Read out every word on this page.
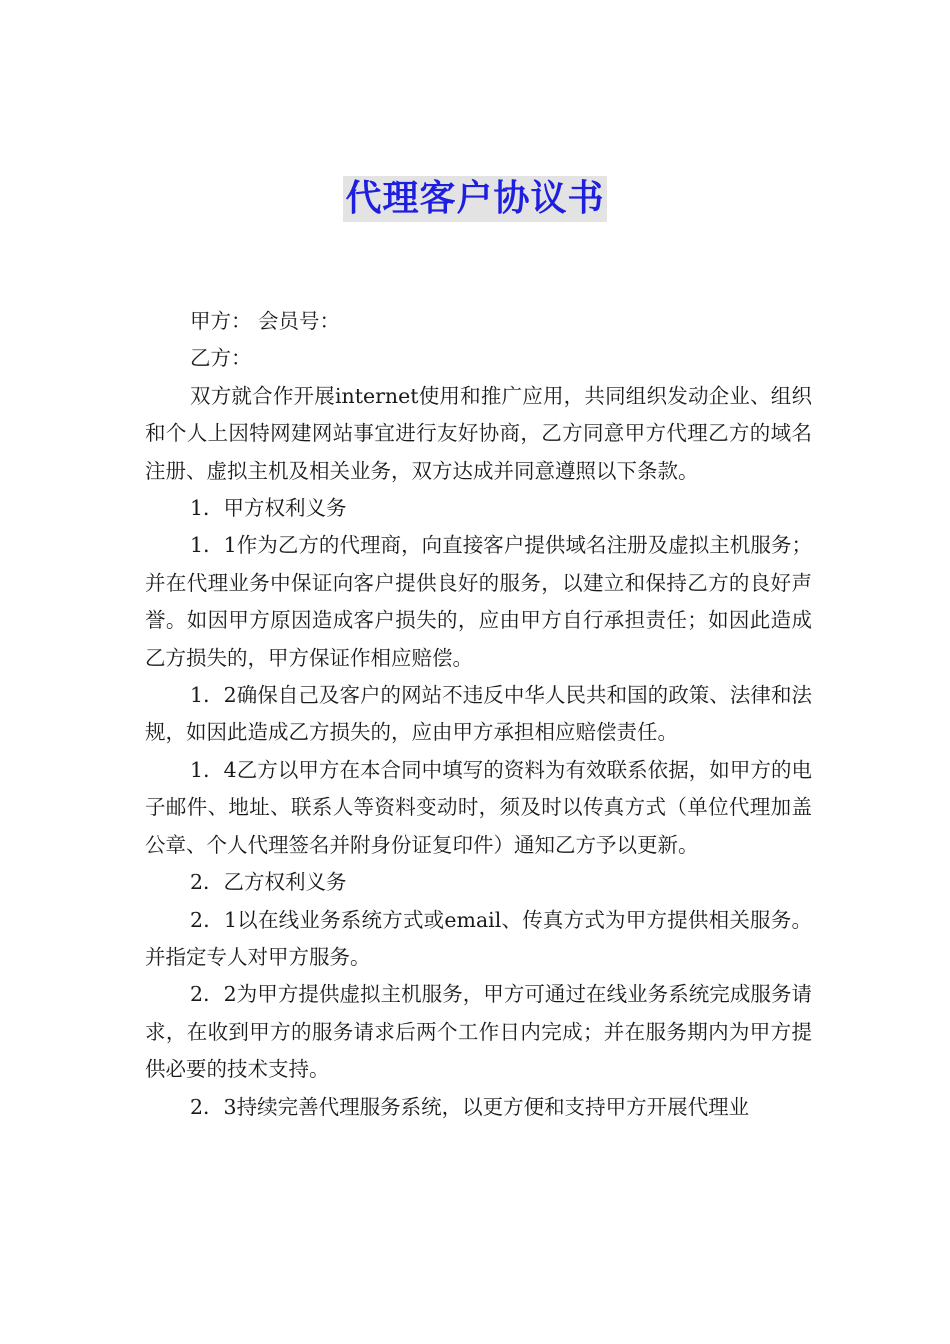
代理客户协议书

甲方： 会员号：

乙方：

双方就合作开展internet使用和推广应用，共同组织发动企业、组织和个人上因特网建网站事宜进行友好协商，乙方同意甲方代理乙方的域名注册、虚拟主机及相关业务，双方达成并同意遵照以下条款。

1．甲方权利义务

1．1作为乙方的代理商，向直接客户提供域名注册及虚拟主机服务；并在代理业务中保证向客户提供良好的服务，以建立和保持乙方的良好声誉。如因甲方原因造成客户损失的，应由甲方自行承担责任；如因此造成乙方损失的，甲方保证作相应赔偿。

1．2确保自己及客户的网站不违反中华人民共和国的政策、法律和法规，如因此造成乙方损失的，应由甲方承担相应赔偿责任。

1．4乙方以甲方在本合同中填写的资料为有效联系依据，如甲方的电子邮件、地址、联系人等资料变动时，须及时以传真方式（单位代理加盖公章、个人代理签名并附身份证复印件）通知乙方予以更新。

2．乙方权利义务

2．1以在线业务系统方式或email、传真方式为甲方提供相关服务。并指定专人对甲方服务。

2．2为甲方提供虚拟主机服务，甲方可通过在线业务系统完成服务请求，在收到甲方的服务请求后两个工作日内完成；并在服务期内为甲方提供必要的技术支持。

2．3持续完善代理服务系统，以更方便和支持甲方开展代理业
